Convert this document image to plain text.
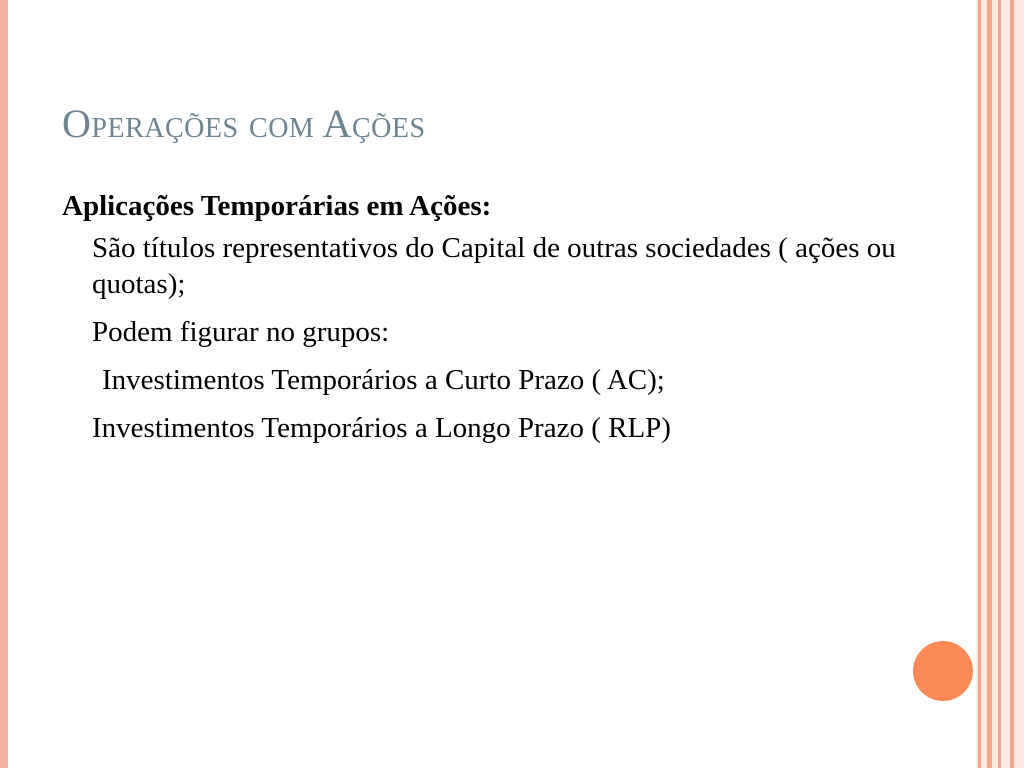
Operações com Ações

Aplicações Temporárias em Ações:

São títulos representativos do Capital de outras sociedades ( ações ou quotas);

Podem figurar no grupos:

Investimentos Temporários a Curto Prazo ( AC);

Investimentos Temporários a Longo Prazo ( RLP)
